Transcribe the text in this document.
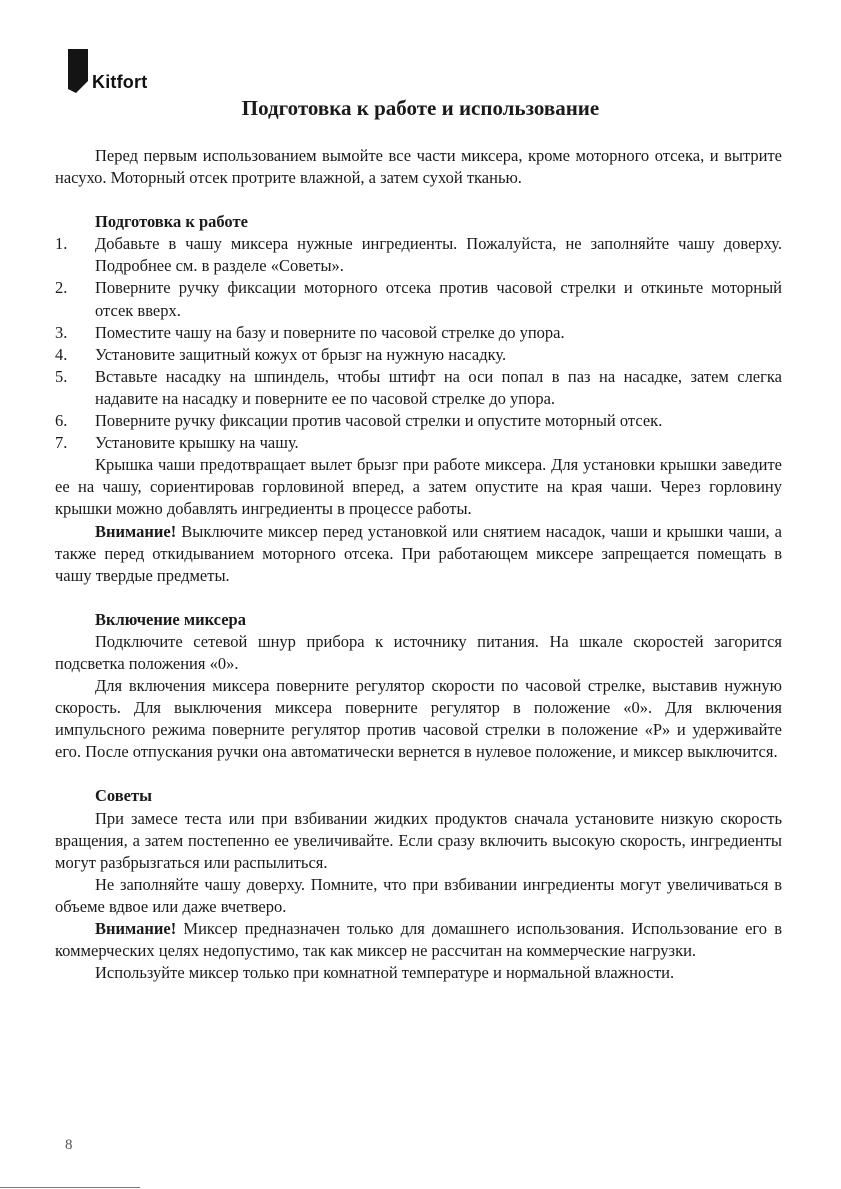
Kitfort
Подготовка к работе и использование

Перед первым использованием вымойте все части миксера, кроме моторного отсека, и вытрите насухо. Моторный отсек протрите влажной, а затем сухой тканью.

Подготовка к работе

1. Добавьте в чашу миксера нужные ингредиенты. Пожалуйста, не заполняйте чашу доверху. Подробнее см. в разделе «Советы».
2. Поверните ручку фиксации моторного отсека против часовой стрелки и откиньте моторный отсек вверх.
3. Поместите чашу на базу и поверните по часовой стрелке до упора.
4. Установите защитный кожух от брызг на нужную насадку.
5. Вставьте насадку на шпиндель, чтобы штифт на оси попал в паз на насадке, затем слегка надавите на насадку и поверните ее по часовой стрелке до упора.
6. Поверните ручку фиксации против часовой стрелки и опустите моторный отсек.
7. Установите крышку на чашу.

Крышка чаши предотвращает вылет брызг при работе миксера. Для установки крышки заведите ее на чашу, сориентировав горловиной вперед, а затем опустите на края чаши. Через горловину крышки можно добавлять ингредиенты в процессе работы.

Внимание! Выключите миксер перед установкой или снятием насадок, чаши и крышки чаши, а также перед откидыванием моторного отсека. При работающем миксере запрещается помещать в чашу твердые предметы.

Включение миксера

Подключите сетевой шнур прибора к источнику питания. На шкале скоростей загорится подсветка положения «0».

Для включения миксера поверните регулятор скорости по часовой стрелке, выставив нужную скорость. Для выключения миксера поверните регулятор в положение «0». Для включения импульсного режима поверните регулятор против часовой стрелки в положение «P» и удерживайте его. После отпускания ручки она автоматически вернется в нулевое положение, и миксер выключится.

Советы

При замесе теста или при взбивании жидких продуктов сначала установите низкую скорость вращения, а затем постепенно ее увеличивайте. Если сразу включить высокую скорость, ингредиенты могут разбрызгаться или распылиться.

Не заполняйте чашу доверху. Помните, что при взбивании ингредиенты могут увеличиваться в объеме вдвое или даже вчетверо.

Внимание! Миксер предназначен только для домашнего использования. Использование его в коммерческих целях недопустимо, так как миксер не рассчитан на коммерческие нагрузки.

Используйте миксер только при комнатной температуре и нормальной влажности.

8
